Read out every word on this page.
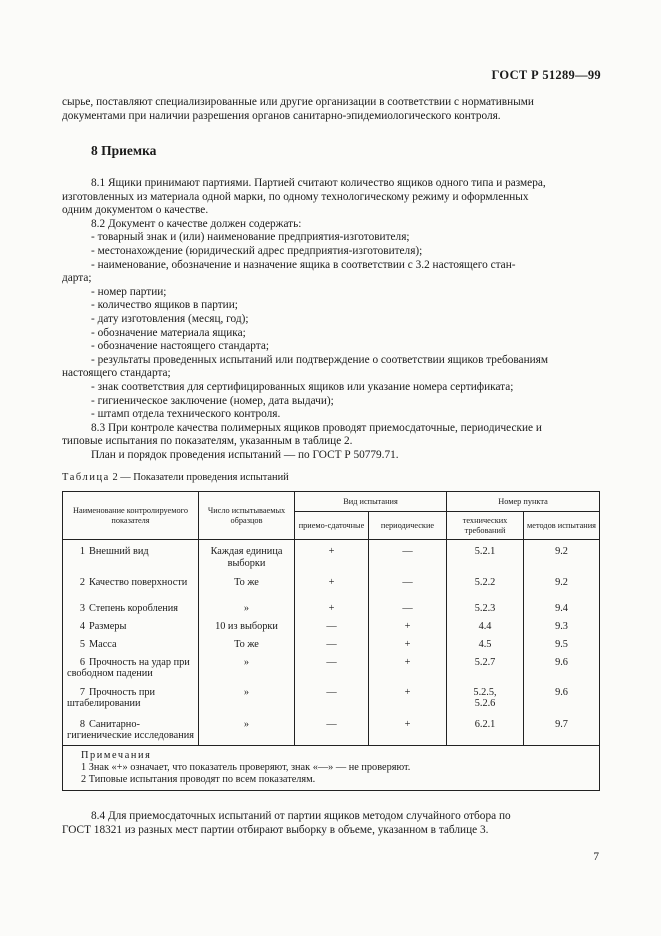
ГОСТ Р 51289—99
сырье, поставляют специализированные или другие организации в соответствии с нормативными
документами при наличии разрешения органов санитарно-эпидемиологического контроля.
8 Приемка
8.1 Ящики принимают партиями. Партией считают количество ящиков одного типа и размера,
изготовленных из материала одной марки, по одному технологическому режиму и оформленных
одним документом о качестве.
8.2 Документ о качестве должен содержать:
- товарный знак и (или) наименование предприятия-изготовителя;
- местонахождение (юридический адрес предприятия-изготовителя);
- наименование, обозначение и назначение ящика в соответствии с 3.2 настоящего стан-
дарта;
- номер партии;
- количество ящиков в партии;
- дату изготовления (месяц, год);
- обозначение материала ящика;
- обозначение настоящего стандарта;
- результаты проведенных испытаний или подтверждение о соответствии ящиков требованиям
настоящего стандарта;
- знак соответствия для сертифицированных ящиков или указание номера сертификата;
- гигиеническое заключение (номер, дата выдачи);
- штамп отдела технического контроля.
8.3 При контроле качества полимерных ящиков проводят приемосдаточные, периодические и
типовые испытания по показателям, указанным в таблице 2.
План и порядок проведения испытаний — по ГОСТ Р 50779.71.
Таблица 2 — Показатели проведения испытаний
Наименование контролируемого показателя	Число испытываемых образцов	Вид испытания		Номер пункта	
		приемо-сдаточные	периодические	технических требований	методов испытания
1 Внешний вид	Каждая единица выборки	+	—	5.2.1	9.2
2 Качество поверхности	То же	+	—	5.2.2	9.2
3 Степень коробления	»	+	—	5.2.3	9.4
4 Размеры	10 из выборки	—	+	4.4	9.3
5 Масса	То же	—	+	4.5	9.5
6 Прочность на удар при свободном падении	»	—	+	5.2.7	9.6
7 Прочность при штабелировании	»	—	+	5.2.5, 5.2.6	9.6
8 Санитарно-гигиенические исследования	»	—	+	6.2.1	9.7

Примечания
1 Знак «+» означает, что показатель проверяют, знак «—» — не проверяют.
2 Типовые испытания проводят по всем показателям.					
8.4 Для приемосдаточных испытаний от партии ящиков методом случайного отбора по
ГОСТ 18321 из разных мест партии отбирают выборку в объеме, указанном в таблице 3.
7
